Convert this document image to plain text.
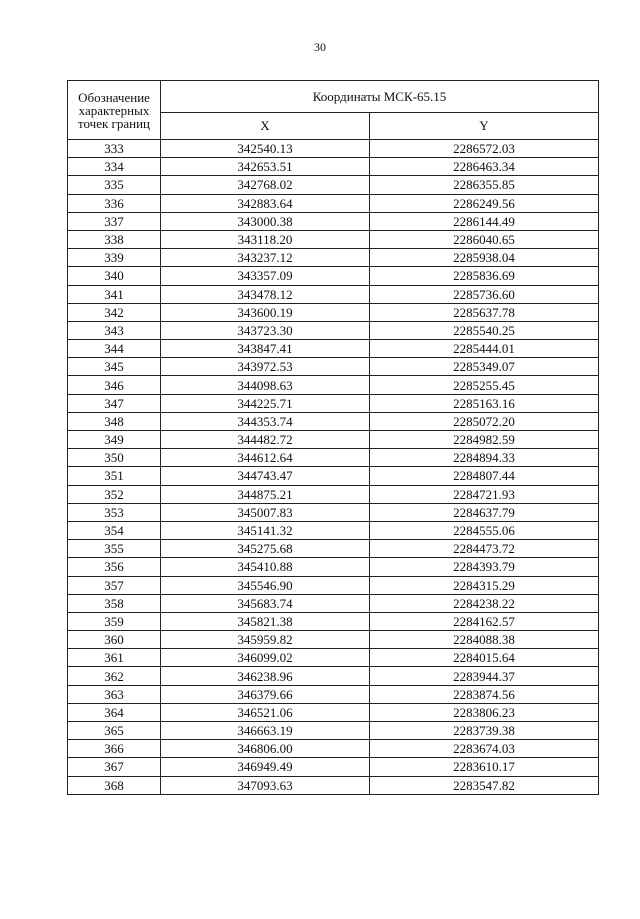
30
Обозначение характерных точек границ	Координаты МСК-65.15	
	X	Y
333	342540.13	2286572.03
334	342653.51	2286463.34
335	342768.02	2286355.85
336	342883.64	2286249.56
337	343000.38	2286144.49
338	343118.20	2286040.65
339	343237.12	2285938.04
340	343357.09	2285836.69
341	343478.12	2285736.60
342	343600.19	2285637.78
343	343723.30	2285540.25
344	343847.41	2285444.01
345	343972.53	2285349.07
346	344098.63	2285255.45
347	344225.71	2285163.16
348	344353.74	2285072.20
349	344482.72	2284982.59
350	344612.64	2284894.33
351	344743.47	2284807.44
352	344875.21	2284721.93
353	345007.83	2284637.79
354	345141.32	2284555.06
355	345275.68	2284473.72
356	345410.88	2284393.79
357	345546.90	2284315.29
358	345683.74	2284238.22
359	345821.38	2284162.57
360	345959.82	2284088.38
361	346099.02	2284015.64
362	346238.96	2283944.37
363	346379.66	2283874.56
364	346521.06	2283806.23
365	346663.19	2283739.38
366	346806.00	2283674.03
367	346949.49	2283610.17
368	347093.63	2283547.82
